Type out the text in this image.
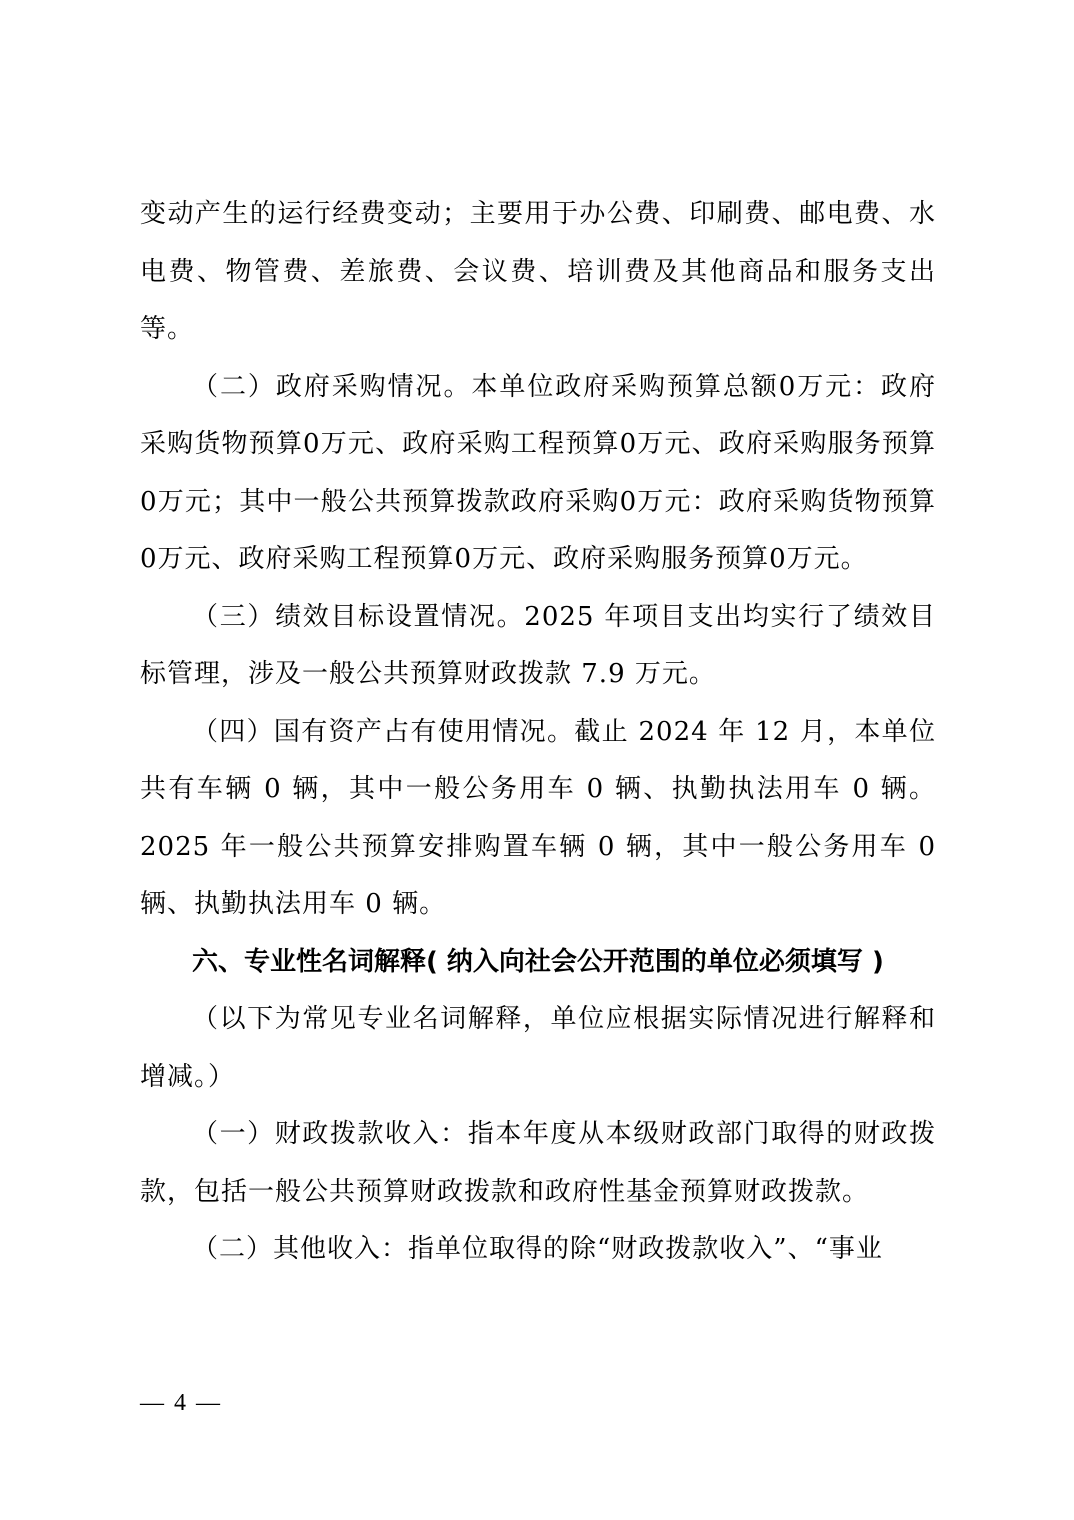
变动产生的运行经费变动；主要用于办公费、印刷费、邮电费、水电费、物管费、差旅费、会议费、培训费及其他商品和服务支出等。

（二）政府采购情况。本单位政府采购预算总额0万元：政府采购货物预算0万元、政府采购工程预算0万元、政府采购服务预算0万元；其中一般公共预算拨款政府采购0万元：政府采购货物预算0万元、政府采购工程预算0万元、政府采购服务预算0万元。

（三）绩效目标设置情况。2025 年项目支出均实行了绩效目标管理，涉及一般公共预算财政拨款 7.9 万元。

（四）国有资产占有使用情况。截止 2024 年 12 月，本单位共有车辆 0 辆，其中一般公务用车 0 辆、执勤执法用车 0 辆。2025 年一般公共预算安排购置车辆 0 辆，其中一般公务用车 0 辆、执勤执法用车 0 辆。

六、专业性名词解释( 纳入向社会公开范围的单位必须填写 )

（以下为常见专业名词解释，单位应根据实际情况进行解释和增减。）

（一）财政拨款收入：指本年度从本级财政部门取得的财政拨款，包括一般公共预算财政拨款和政府性基金预算财政拨款。

（二）其他收入：指单位取得的除“财政拨款收入”、“事业

— 4 —
